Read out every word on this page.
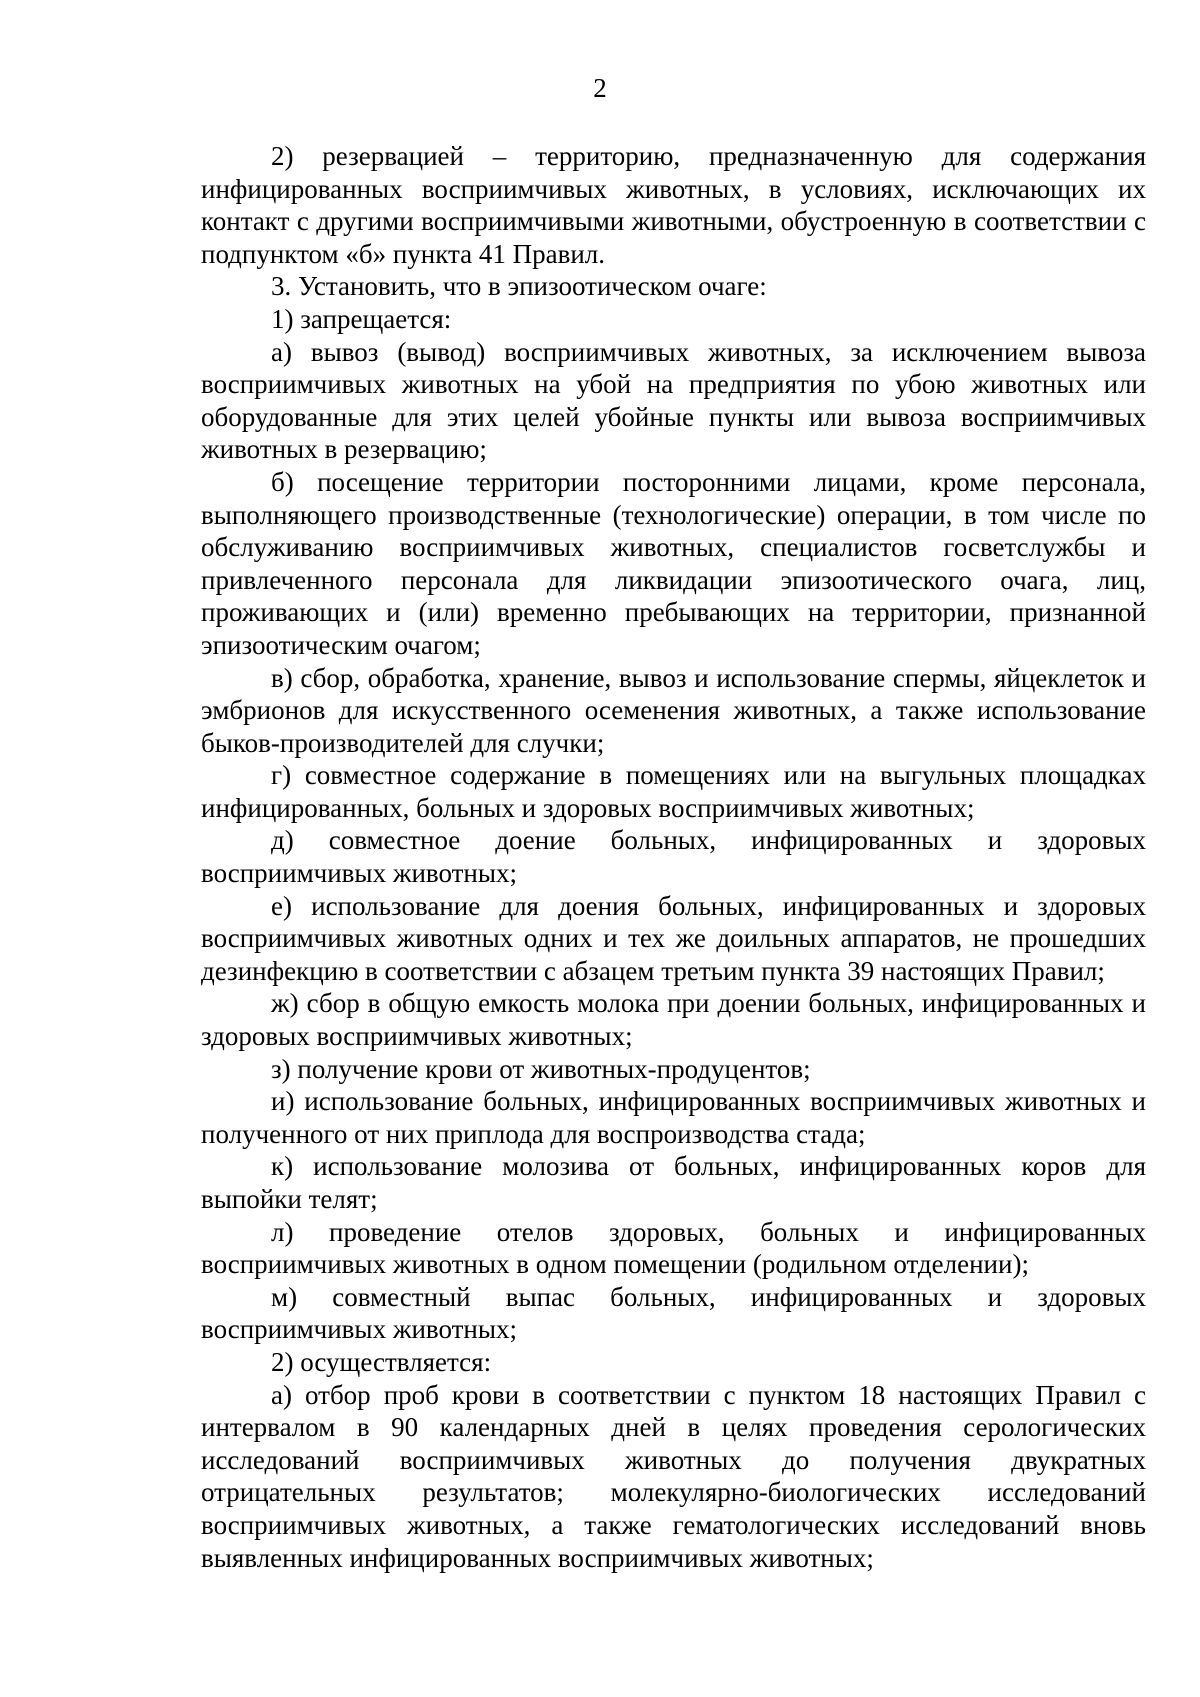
2

2) резервацией – территорию, предназначенную для содержания инфицированных восприимчивых животных, в условиях, исключающих их контакт с другими восприимчивыми животными, обустроенную в соответствии с подпунктом «б» пункта 41 Правил.

3. Установить, что в эпизоотическом очаге:

1) запрещается:

а) вывоз (вывод) восприимчивых животных, за исключением вывоза восприимчивых животных на убой на предприятия по убою животных или оборудованные для этих целей убойные пункты или вывоза восприимчивых животных в резервацию;

б) посещение территории посторонними лицами, кроме персонала, выполняющего производственные (технологические) операции, в том числе по обслуживанию восприимчивых животных, специалистов госветслужбы и привлеченного персонала для ликвидации эпизоотического очага, лиц, проживающих и (или) временно пребывающих на территории, признанной эпизоотическим очагом;

в) сбор, обработка, хранение, вывоз и использование спермы, яйцеклеток и эмбрионов для искусственного осеменения животных, а также использование быков-производителей для случки;

г) совместное содержание в помещениях или на выгульных площадках инфицированных, больных и здоровых восприимчивых животных;

д) совместное доение больных, инфицированных и здоровых восприимчивых животных;

е) использование для доения больных, инфицированных и здоровых восприимчивых животных одних и тех же доильных аппаратов, не прошедших дезинфекцию в соответствии с абзацем третьим пункта 39 настоящих Правил;

ж) сбор в общую емкость молока при доении больных, инфицированных и здоровых восприимчивых животных;

з) получение крови от животных-продуцентов;

и) использование больных, инфицированных восприимчивых животных и полученного от них приплода для воспроизводства стада;

к) использование молозива от больных, инфицированных коров для выпойки телят;

л) проведение отелов здоровых, больных и инфицированных восприимчивых животных в одном помещении (родильном отделении);

м) совместный выпас больных, инфицированных и здоровых восприимчивых животных;

2) осуществляется:

а) отбор проб крови в соответствии с пунктом 18 настоящих Правил с интервалом в 90 календарных дней в целях проведения серологических исследований восприимчивых животных до получения двукратных отрицательных результатов; молекулярно-биологических исследований восприимчивых животных, а также гематологических исследований вновь выявленных инфицированных восприимчивых животных;
